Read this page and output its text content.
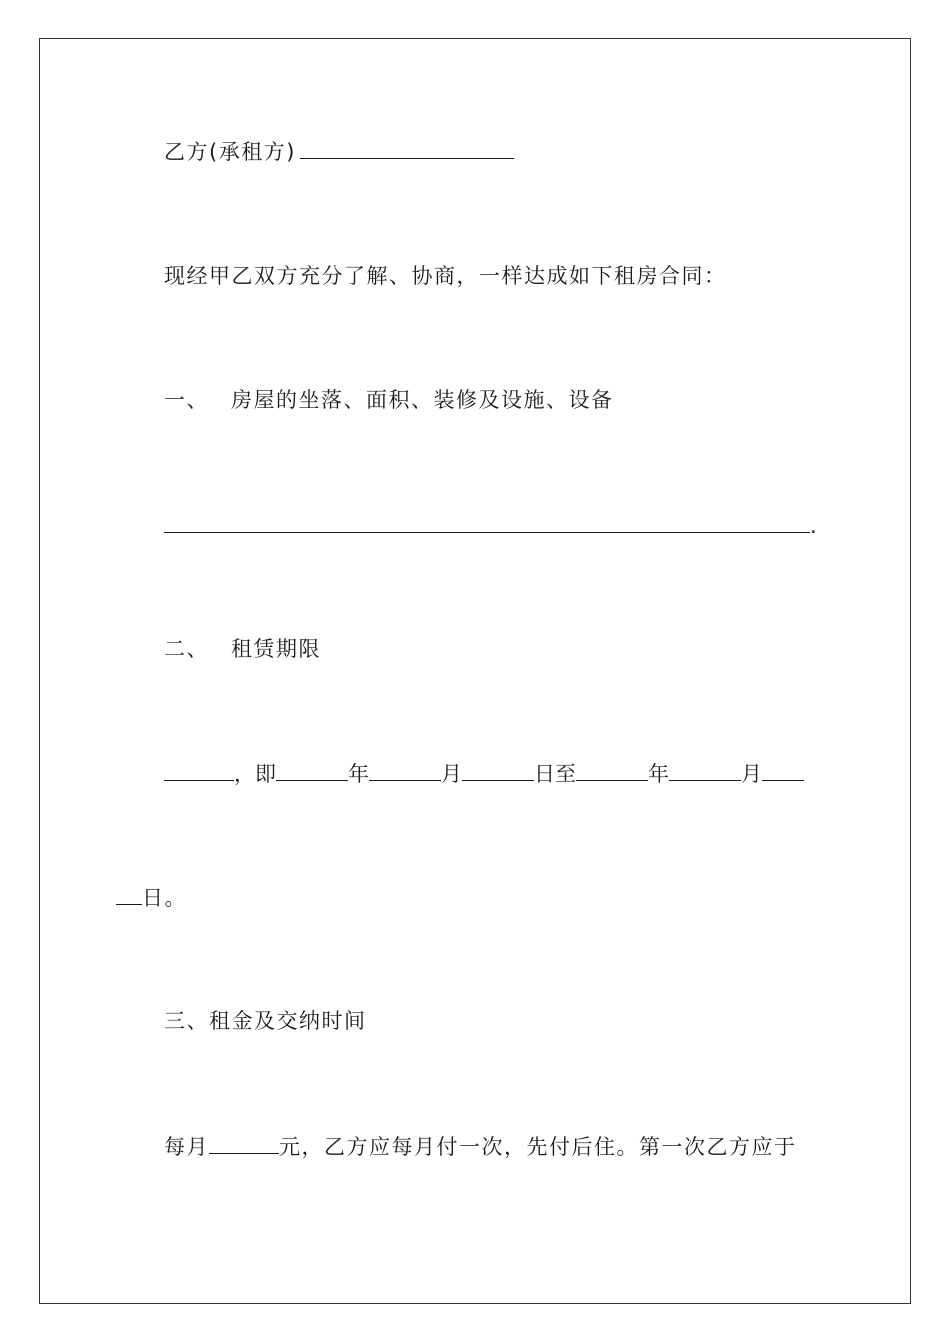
乙方(承租方)
现经甲乙双方充分了解、协商，一样达成如下租房合同：
一、 房屋的坐落、面积、装修及设施、设备
.
二、 租赁期限
，即	年	月	日至	年	月
日。
三、租金及交纳时间
每月	元，乙方应每月付一次，先付后住。第一次乙方应于
